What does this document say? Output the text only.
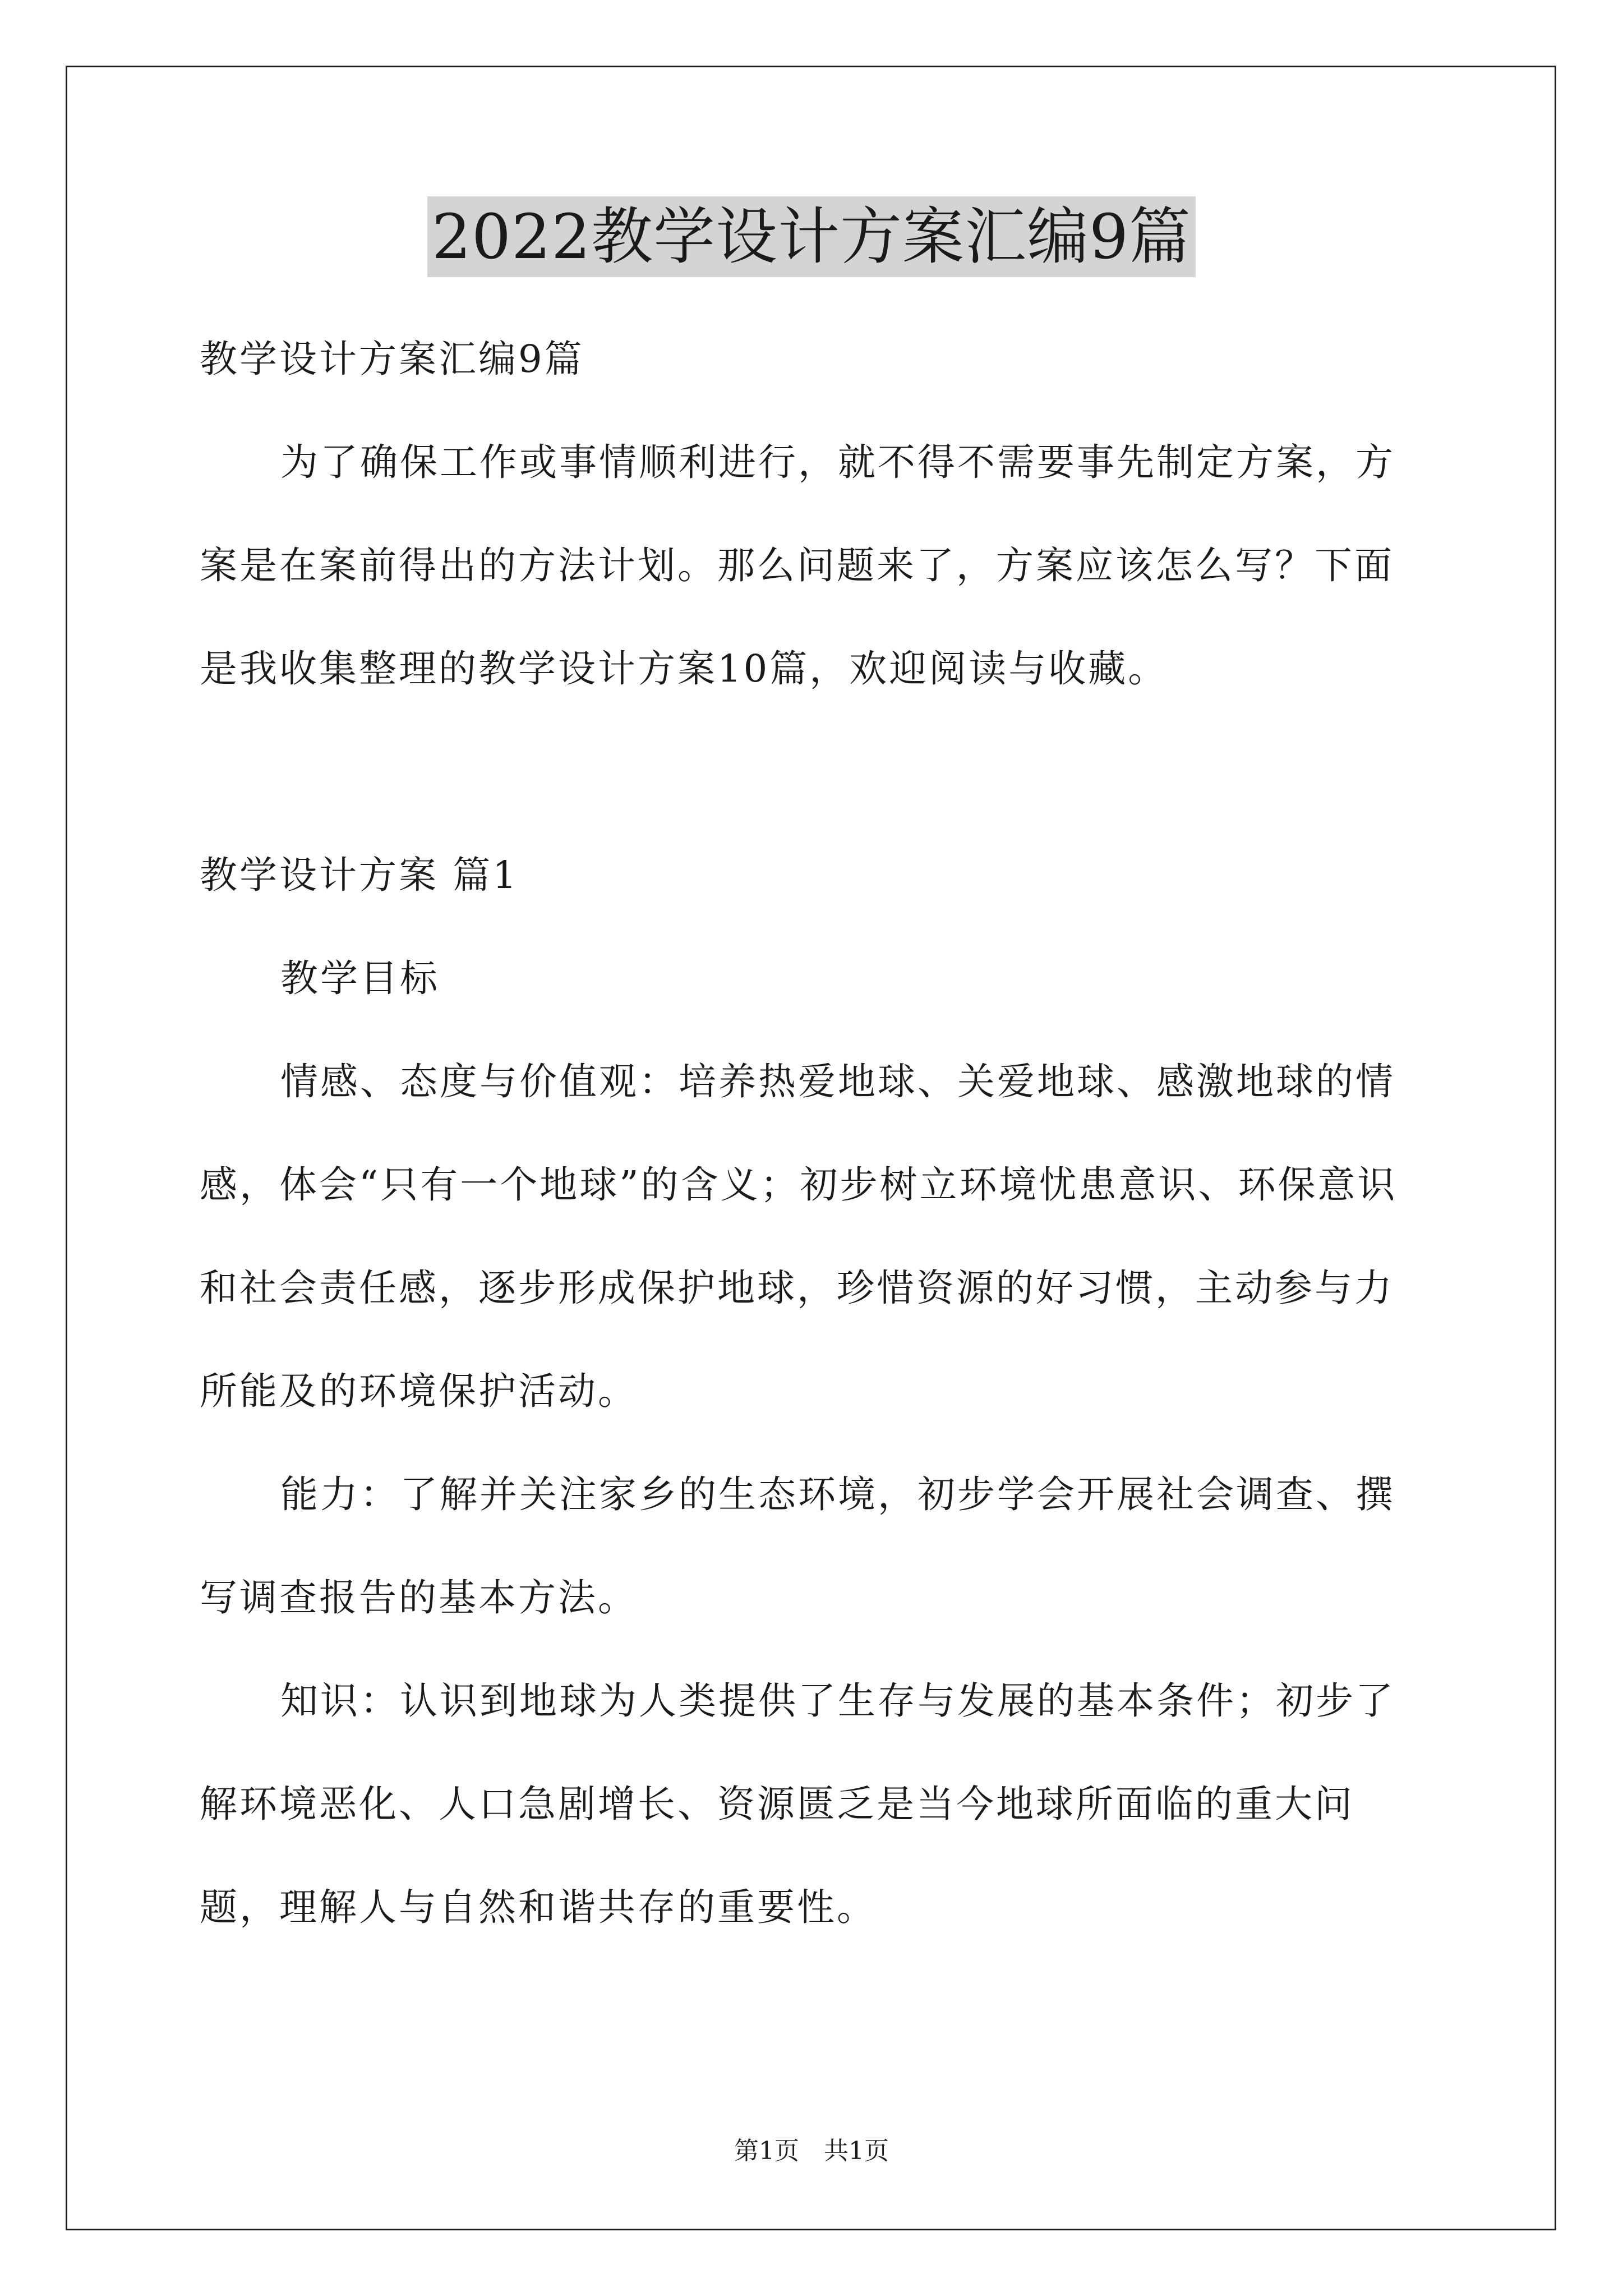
2022教学设计方案汇编9篇

教学设计方案汇编9篇

为了确保工作或事情顺利进行，就不得不需要事先制定方案，方案是在案前得出的方法计划。那么问题来了，方案应该怎么写？下面是我收集整理的教学设计方案10篇，欢迎阅读与收藏。

教学设计方案 篇1

教学目标

情感、态度与价值观：培养热爱地球、关爱地球、感激地球的情感，体会“只有一个地球”的含义；初步树立环境忧患意识、环保意识和社会责任感，逐步形成保护地球，珍惜资源的好习惯，主动参与力所能及的环境保护活动。

能力：了解并关注家乡的生态环境，初步学会开展社会调查、撰写调查报告的基本方法。

知识：认识到地球为人类提供了生存与发展的基本条件；初步了解环境恶化、人口急剧增长、资源匮乏是当今地球所面临的重大问题，理解人与自然和谐共存的重要性。

第1页　共1页
